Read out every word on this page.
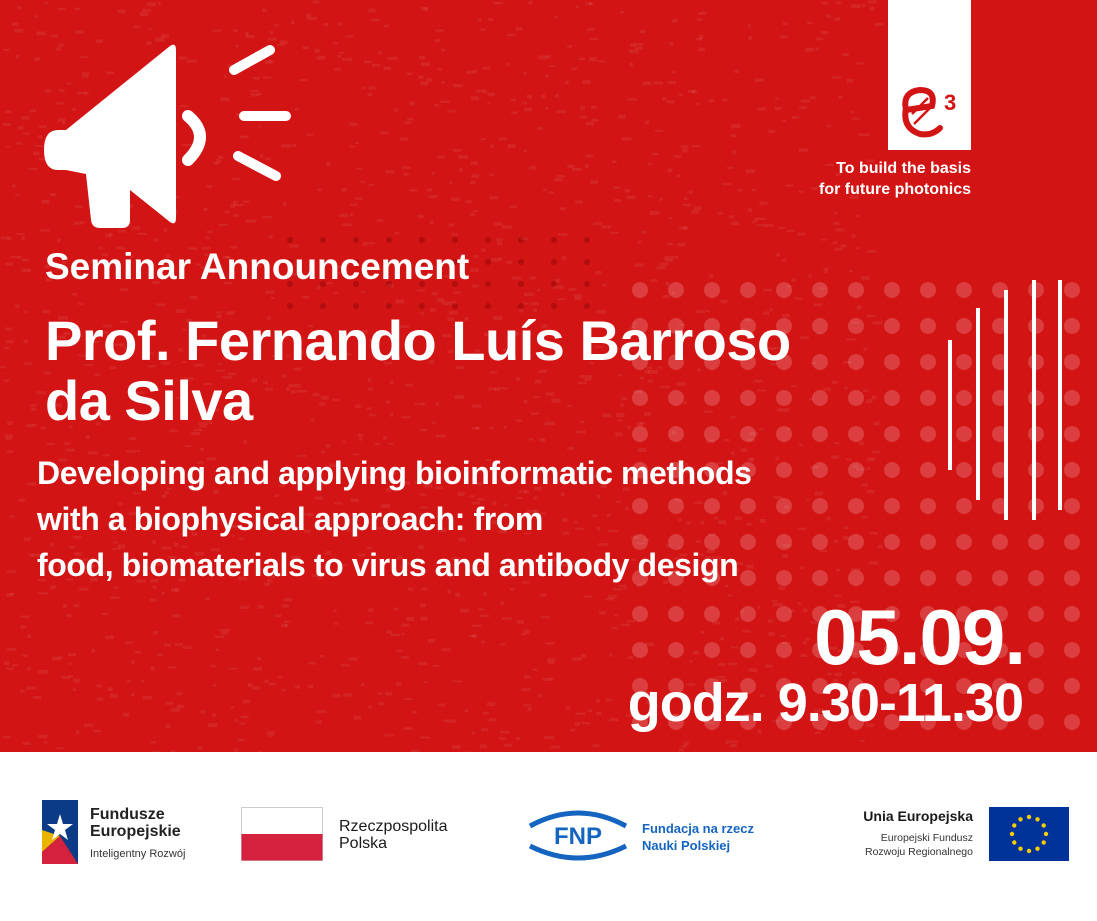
3
To build the basis
for future photonics
Seminar Announcement
Prof. Fernando Luís Barroso
da Silva
Developing and applying bioinformatic methods
with a biophysical approach: from
food, biomaterials to virus and antibody design
05.09.
godz. 9.30-11.30
Fundusze
Europejskie
Inteligentny Rozwój
Rzeczpospolita
Polska	FNP	Fundacja na rzecz
Nauki Polskiej
Unia Europejska
Europejski Fundusz
Rozwoju Regionalnego
